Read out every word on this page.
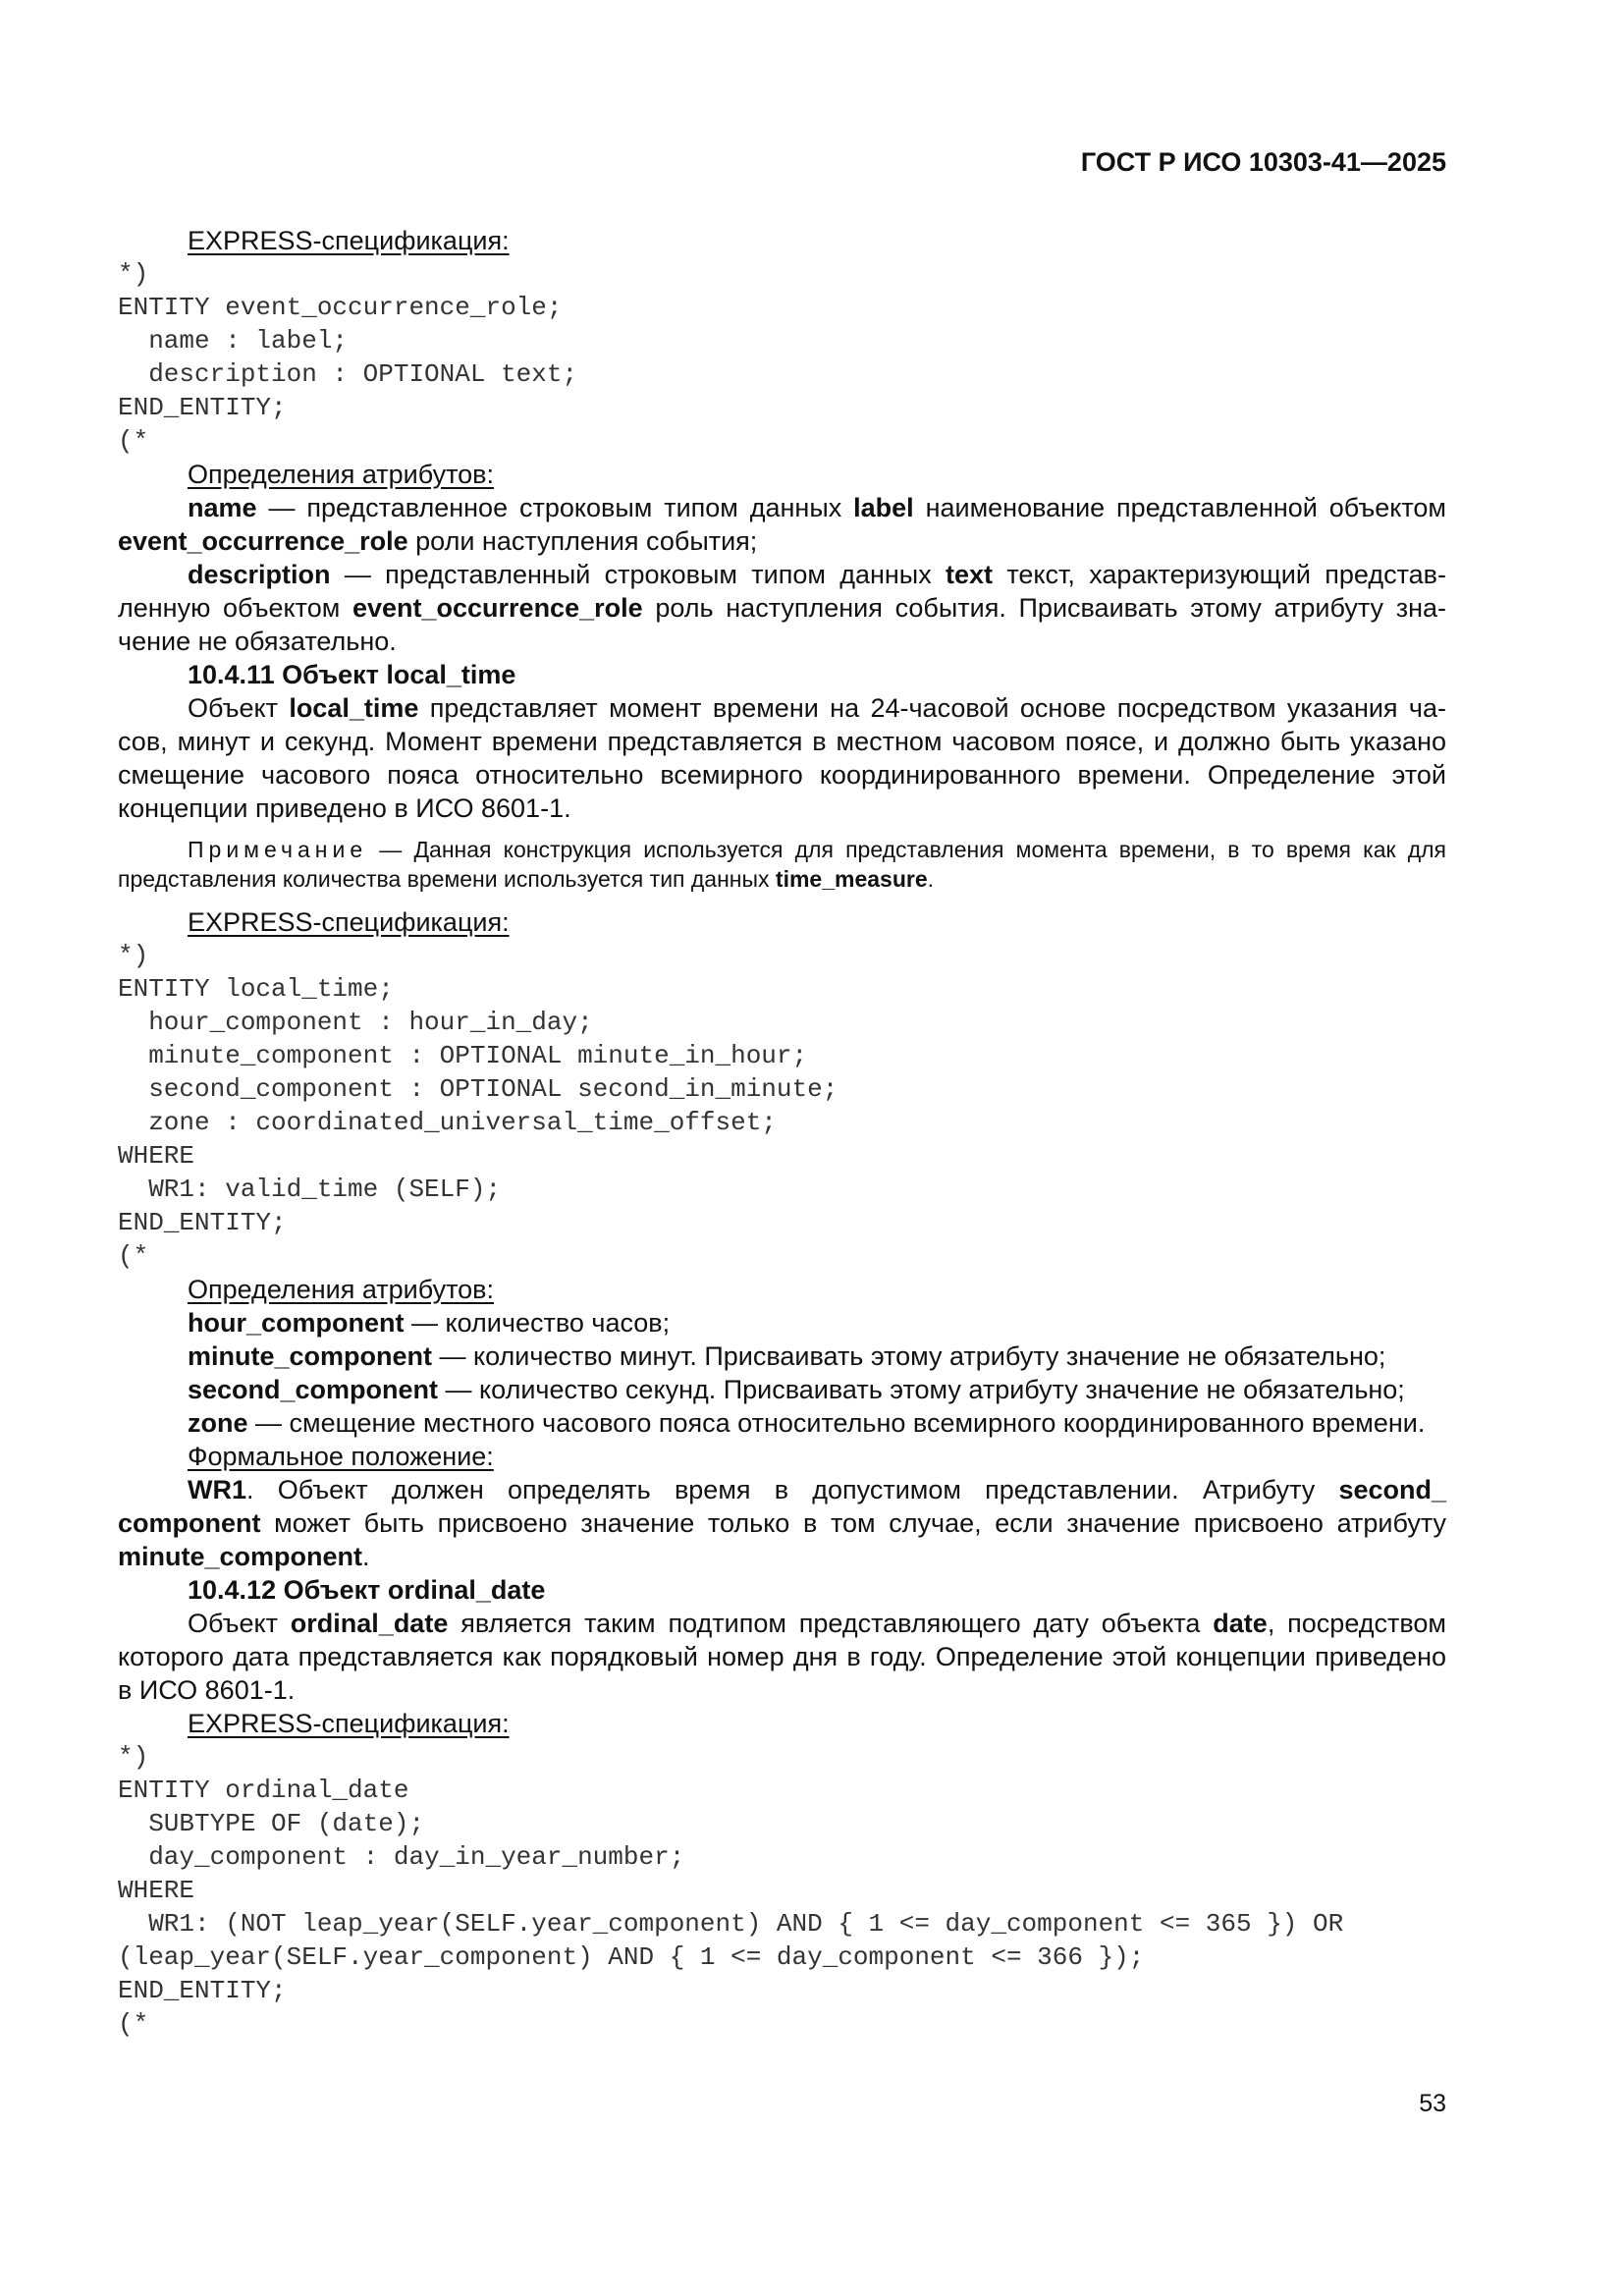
ГОСТ Р ИСО 10303-41—2025

EXPRESS-спецификация:

*)
ENTITY event_occurrence_role;
name : label;
description : OPTIONAL text;
END_ENTITY;
(*

Определения атрибутов:

name — представленное строковым типом данных label наименование представленной объектом event_occurrence_role роли наступления события;

description — представленный строковым типом данных text текст, характеризующий представленную объектом event_occurrence_role роль наступления события. Присваивать этому атрибуту значение не обязательно.

10.4.11 Объект local_time

Объект local_time представляет момент времени на 24-часовой основе посредством указания часов, минут и секунд. Момент времени представляется в местном часовом поясе, и должно быть указано смещение часового пояса относительно всемирного координированного времени. Определение этой концепции приведено в ИСО 8601-1.

Примечание — Данная конструкция используется для представления момента времени, в то время как для представления количества времени используется тип данных time_measure.

EXPRESS-спецификация:

*)
ENTITY local_time;
hour_component : hour_in_day;
minute_component : OPTIONAL minute_in_hour;
second_component : OPTIONAL second_in_minute;
zone : coordinated_universal_time_offset;
WHERE
WR1: valid_time (SELF);
END_ENTITY;
(*

Определения атрибутов:

hour_component — количество часов;

minute_component — количество минут. Присваивать этому атрибуту значение не обязательно;

second_component — количество секунд. Присваивать этому атрибуту значение не обязательно;

zone — смещение местного часового пояса относительно всемирного координированного времени.

Формальное положение:

WR1. Объект должен определять время в допустимом представлении. Атрибуту second_ component может быть присвоено значение только в том случае, если значение присвоено атрибуту minute_component.

10.4.12 Объект ordinal_date

Объект ordinal_date является таким подтипом представляющего дату объекта date, посредством которого дата представляется как порядковый номер дня в году. Определение этой концепции приведено в ИСО 8601-1.

EXPRESS-спецификация:

*)
ENTITY ordinal_date
SUBTYPE OF (date);
day_component : day_in_year_number;
WHERE
WR1: (NOT leap_year(SELF.year_component) AND { 1 <= day_component <= 365 }) OR
(leap_year(SELF.year_component) AND { 1 <= day_component <= 366 });
END_ENTITY;
(*
53
